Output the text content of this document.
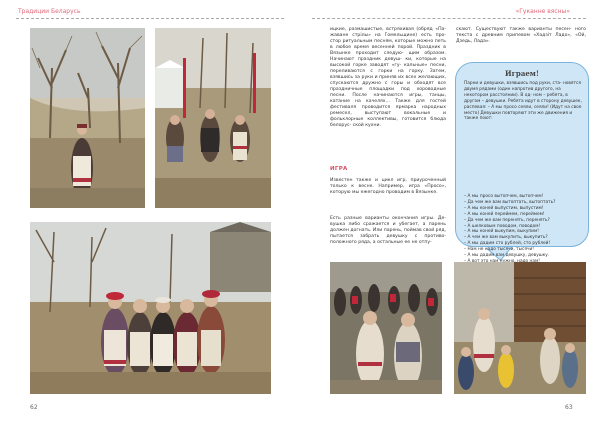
Традиции Беларусь
62
«Гуканне вясны»

ицкие, размашистые, встряхивая (обряд «Па- жаване стрілы» на Гомельщине) есть про- стор ритуальным песням, которые можно петь в любое время весенней порой. Праздник в Вязынке проходит следую- щим образом. Начинают праздник девуш- ки, которые на высокой горке заводят «гу- кальные» песни, переливаются с горки на горку. Затем, взявшись за руки и приняв их всех желающих, спускаются дружно с горы и обходят все праздничные площадки под хороводные песни. После начинаются игры, танцы, катание на качелях… Также для гостей фестиваля проводится ярмарка народных ремесел, выступают вокальные и фольклорные коллективы, готовится блюда белорус- ской кухни.

ИГРА

Известен также и цикл игр, приуроченный только к весне. Например, игра «Просо», которую мы ежегодно проводим в Вязынке.

Есть разные варианты окончания игры. Де- вушка либо сражается и убегает, а парень должен догнать. Или парень, поймав свой ряд, пытается забрать девушку с противо- положного ряда, а остальные ее не отпу-

скают. Существуют также варианты песен- ного текста с древним припевом «Хадзіт Ладо», «Ой, Дзедь, Лада».

Играем!

Парни и девушки, взявшись под руки, ста- новятся двумя рядами (один напротив другого, на некотором расстоянии). В од- ном – ребята, в другом – девушки. Ребята идут в сторону девушек, распевая: – А мы просо сеяли, сеяли! (Идут на свое место) Девушки повторяют эти же движения и также поют:

– А мы просо вытопчем, вытопчем!
– Да чем же вам вытоптать, вытоптать?
– А мы коней выпустим, выпустим!
– А мы коней переймем, переймем!
– Да чем же вам перенять, перенять?
– А шелковым поводом, поводом!
– А мы коней выкупим, выкупим!
– А чем же вам выкупить, выкупить?
– А мы дадим сто рублей, сто рублей!
– Нам не надо тысячи, тысячи!
– А мы дадим вам девушку, девушку.
63
